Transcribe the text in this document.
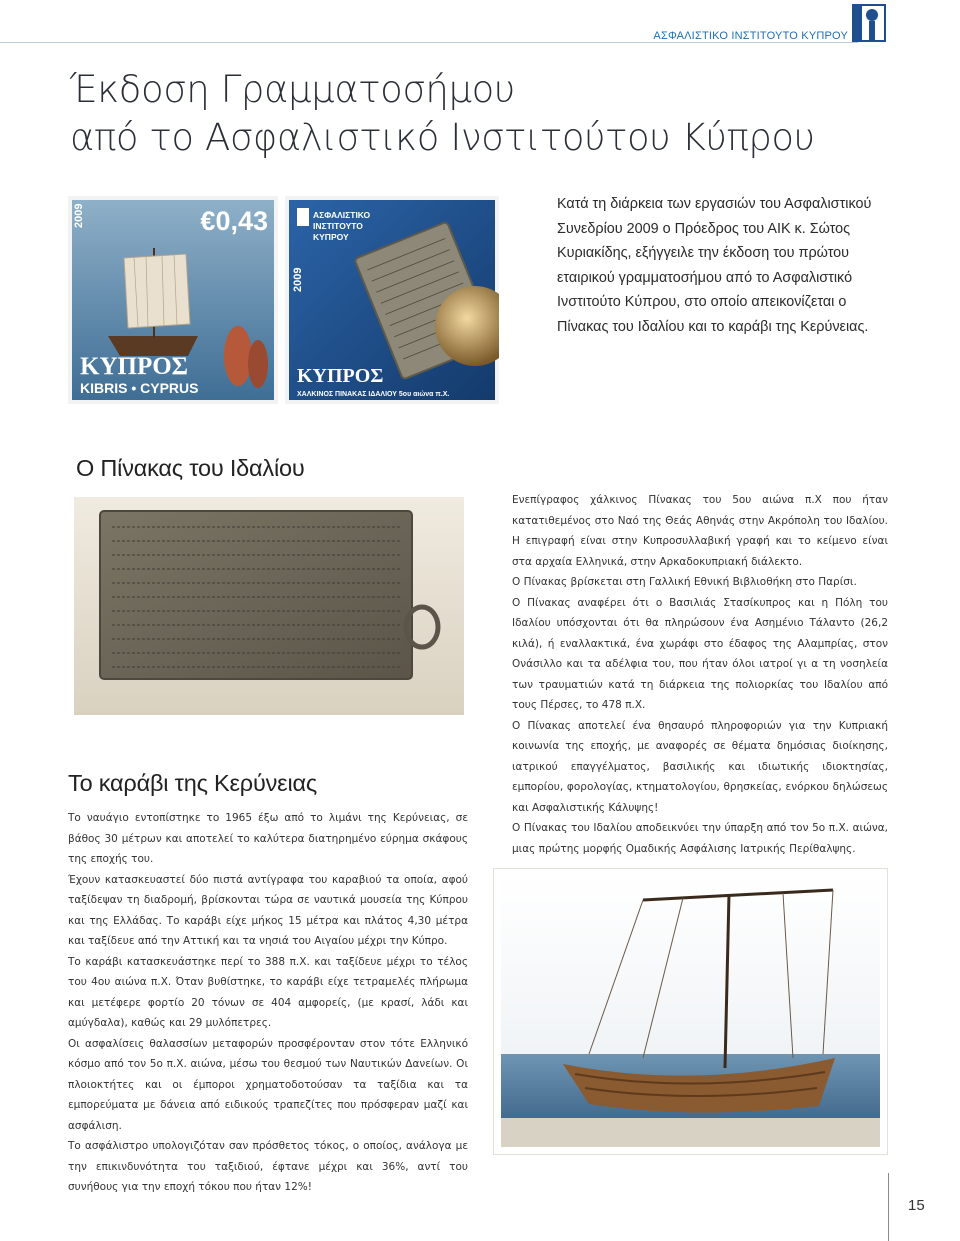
ΑΣΦΑΛΙΣΤΙΚΟ ΙΝΣΤΙΤΟΥΤΟ ΚΥΠΡΟΥ
Έκδοση Γραμματοσήμου
από το Ασφαλιστικό Ινστιτούτου Κύπρου
Κατά τη διάρκεια των εργασιών του Ασφαλιστικού Συνεδρίου 2009 ο Πρόεδρος του ΑΙΚ κ. Σώτος Κυριακίδης, εξήγγειλε την έκδοση του πρώτου εταιρικού γραμματοσήμου από το Ασφαλιστικό Ινστιτούτο Κύπρου, στο οποίο απεικονίζεται ο Πίνακας του Ιδαλίου και το καράβι της Κερύνειας.
2009	€0,43
ΚΥΠΡΟΣ
KIBRIS • CYPRUS
ΑΣΦΑΛΙΣΤΙΚΟ
ΙΝΣΤΙΤΟΥΤΟ
ΚΥΠΡΟΥ
2009
ΚΥΠΡΟΣ
ΧΑΛΚΙΝΟΣ ΠΙΝΑΚΑΣ ΙΔΑΛΙΟΥ 5ου αιώνα π.Χ.
Ο Πίνακας του Ιδαλίου

Ενεπίγραφος χάλκινος Πίνακας του 5ου αιώνα π.Χ που ήταν κατατιθεμένος στο Ναό της Θεάς Αθηνάς στην Ακρόπολη του Ιδαλίου. Η επιγραφή είναι στην Κυπροσυλλαβική γραφή και το κείμενο είναι στα αρχαία Ελληνικά, στην Αρκαδοκυπριακή διάλεκτο.

Ο Πίνακας βρίσκεται στη Γαλλική Εθνική Βιβλιοθήκη στο Παρίσι.

Ο Πίνακας αναφέρει ότι ο Βασιλιάς Στασίκυπρος και η Πόλη του Ιδαλίου υπόσχονται ότι θα πληρώσουν ένα Ασημένιο Τάλαντο (26,2 κιλά), ή εναλλακτικά, ένα χωράφι στο έδαφος της Αλαμπρίας, στον Ονάσιλλο και τα αδέλφια του, που ήταν όλοι ιατροί γι α τη νοσηλεία των τραυματιών κατά τη διάρκεια της πολιορκίας του Ιδαλίου από τους Πέρσες, το 478 π.Χ.

Ο Πίνακας αποτελεί ένα θησαυρό πληροφοριών για την Κυπριακή κοινωνία της εποχής, με αναφορές σε θέματα δημόσιας διοίκησης, ιατρικού επαγγέλματος, βασιλικής και ιδιωτικής ιδιοκτησίας, εμπορίου, φορολογίας, κτηματολογίου, θρησκείας, ενόρκου δηλώσεως και Ασφαλιστικής Κάλυψης!

Ο Πίνακας του Ιδαλίου αποδεικνύει την ύπαρξη από τον 5ο π.Χ. αιώνα, μιας πρώτης μορφής Ομαδικής Ασφάλισης Ιατρικής Περίθαλψης.

Το καράβι της Κερύνειας

Το ναυάγιο εντοπίστηκε το 1965 έξω από το λιμάνι της Κερύνειας, σε βάθος 30 μέτρων και αποτελεί το καλύτερα διατηρημένο εύρημα σκάφους της εποχής του.

Έχουν κατασκευαστεί δύο πιστά αντίγραφα του καραβιού τα οποία, αφού ταξίδεψαν τη διαδρομή, βρίσκονται τώρα σε ναυτικά μουσεία της Κύπρου και της Ελλάδας. Το καράβι είχε μήκος 15 μέτρα και πλάτος 4,30 μέτρα και ταξίδευε από την Αττική και τα νησιά του Αιγαίου μέχρι την Κύπρο.

Το καράβι κατασκευάστηκε περί το 388 π.Χ. και ταξίδευε μέχρι το τέλος του 4ου αιώνα π.Χ. Όταν βυθίστηκε, το καράβι είχε τετραμελές πλήρωμα και μετέφερε φορτίο 20 τόνων σε 404 αμφορείς, (με κρασί, λάδι και αμύγδαλα), καθώς και 29 μυλόπετρες.

Οι ασφαλίσεις θαλασσίων μεταφορών προσφέρονταν στον τότε Ελληνικό κόσμο από τον 5ο π.Χ. αιώνα, μέσω του θεσμού των Ναυτικών Δανείων. Οι πλοιοκτήτες και οι έμποροι χρηματοδοτούσαν τα ταξίδια και τα εμπορεύματα με δάνεια από ειδικούς τραπεζίτες που πρόσφεραν μαζί και ασφάλιση.

Το ασφάλιστρο υπολογιζόταν σαν πρόσθετος τόκος, ο οποίος, ανάλογα με την επικινδυνότητα του ταξιδιού, έφτανε μέχρι και 36%, αντί του συνήθους για την εποχή τόκου που ήταν 12%!

15
